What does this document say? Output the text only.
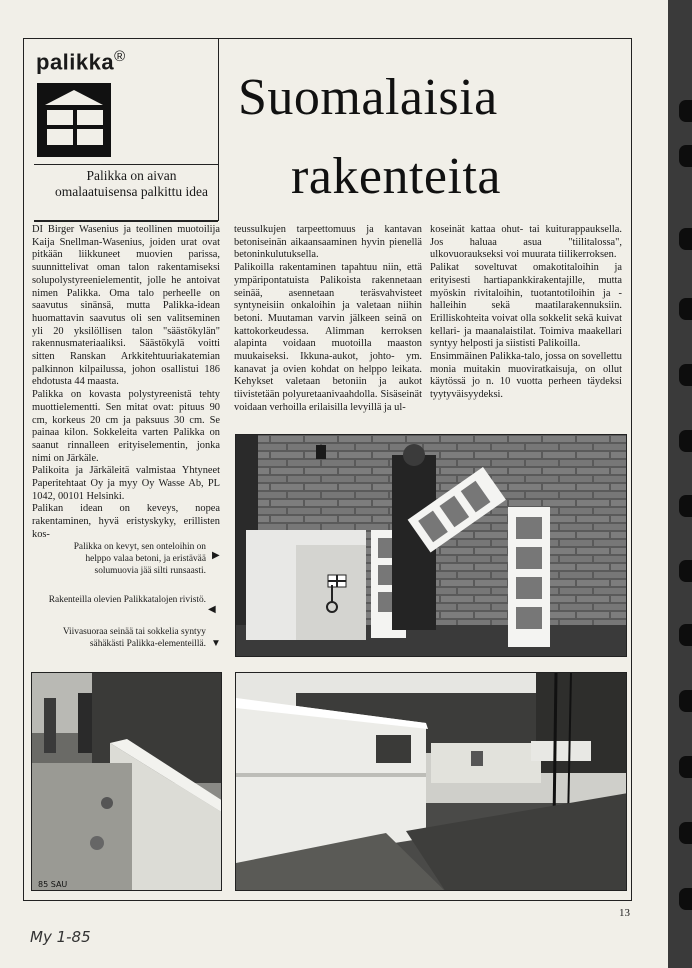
palikka®
Palikka on aivan omalaatuisensa palkittu idea
Suomalaisia
rakenteita

DI Birger Wasenius ja teollinen muotoilija Kaija Snellman-Wasenius, joiden urat ovat pitkään liikkuneet muovien parissa, suunnittelivat oman talon rakentamiseksi solupolystyreenielementit, jolle he antoivat nimen Palikka. Oma talo perheelle on saavutus sinänsä, mutta Palikka-idean huomattavin saavutus oli sen valitseminen yli 20 yksilöllisen talon "säästökylän" rakennusmateriaaliksi. Säästökylä voitti sitten Ranskan Arkkitehtuuriakatemian palkinnon kilpailussa, johon osallistui 186 ehdotusta 44 maasta.

Palikka on kovasta polystyreenistä tehty muottielementti. Sen mitat ovat: pituus 90 cm, korkeus 20 cm ja paksuus 30 cm. Se painaa kilon. Sokkeleita varten Palikka on saanut rinnalleen erityiselementin, jonka nimi on Järkäle.

Palikoita ja Järkäleitä valmistaa Yhtyneet Paperitehtaat Oy ja myy Oy Wasse Ab, PL 1042, 00101 Helsinki.

Palikan idean on keveys, nopea rakentaminen, hyvä eristyskyky, erillisten kos-

teussulkujen tarpeettomuus ja kantavan betoniseinän aikaansaaminen hyvin pienellä betoninkulutuksella.

Palikoilla rakentaminen tapahtuu niin, että ympäripontatuista Palikoista rakennetaan seinää, asennetaan teräsvahvisteet syntyneisiin onkaloihin ja valetaan niihin betoni. Muutaman varvin jälkeen seinä on kattokorkeudessa. Alimman kerroksen alapinta voidaan muotoilla maaston muukaiseksi. Ikkuna-aukot, johto- ym. kanavat ja ovien kohdat on helppo leikata. Kehykset valetaan betoniin ja aukot tiivistetään polyuretaanivaahdolla. Sisäseinät voidaan verhoilla erilaisilla levyillä ja ul-

koseinät kattaa ohut- tai kuiturappauksella. Jos haluaa asua "tiilitalossa", ulkovuoraukseksi voi muurata tiilikerroksen.

Palikat soveltuvat omakotitaloihin ja erityisesti hartiapankkirakentajille, mutta myöskin rivitaloihin, tuotantotiloihin ja -halleihin sekä maatilarakennuksiin. Erilliskohteita voivat olla sokkelit sekä kuivat kellari- ja maanalaistilat. Toimiva maakellari syntyy helposti ja siististi Palikoilla.

Ensimmäinen Palikka-talo, jossa on sovellettu monia muitakin muoviratkaisuja, on ollut käytössä jo n. 10 vuotta perheen täydeksi tyytyväisyydeksi.

Palikka on kevyt, sen onteloihin on helppo valaa betoni, ja eristävää solumuovia jää silti runsaasti.
▶
Rakenteilla olevien Palikkatalojen rivistö.
◀
Viivasuoraa seinää tai sokkelia syntyy sähäkästi Palikka-elementeillä. ▼
85 SAU
13
My 1-85
